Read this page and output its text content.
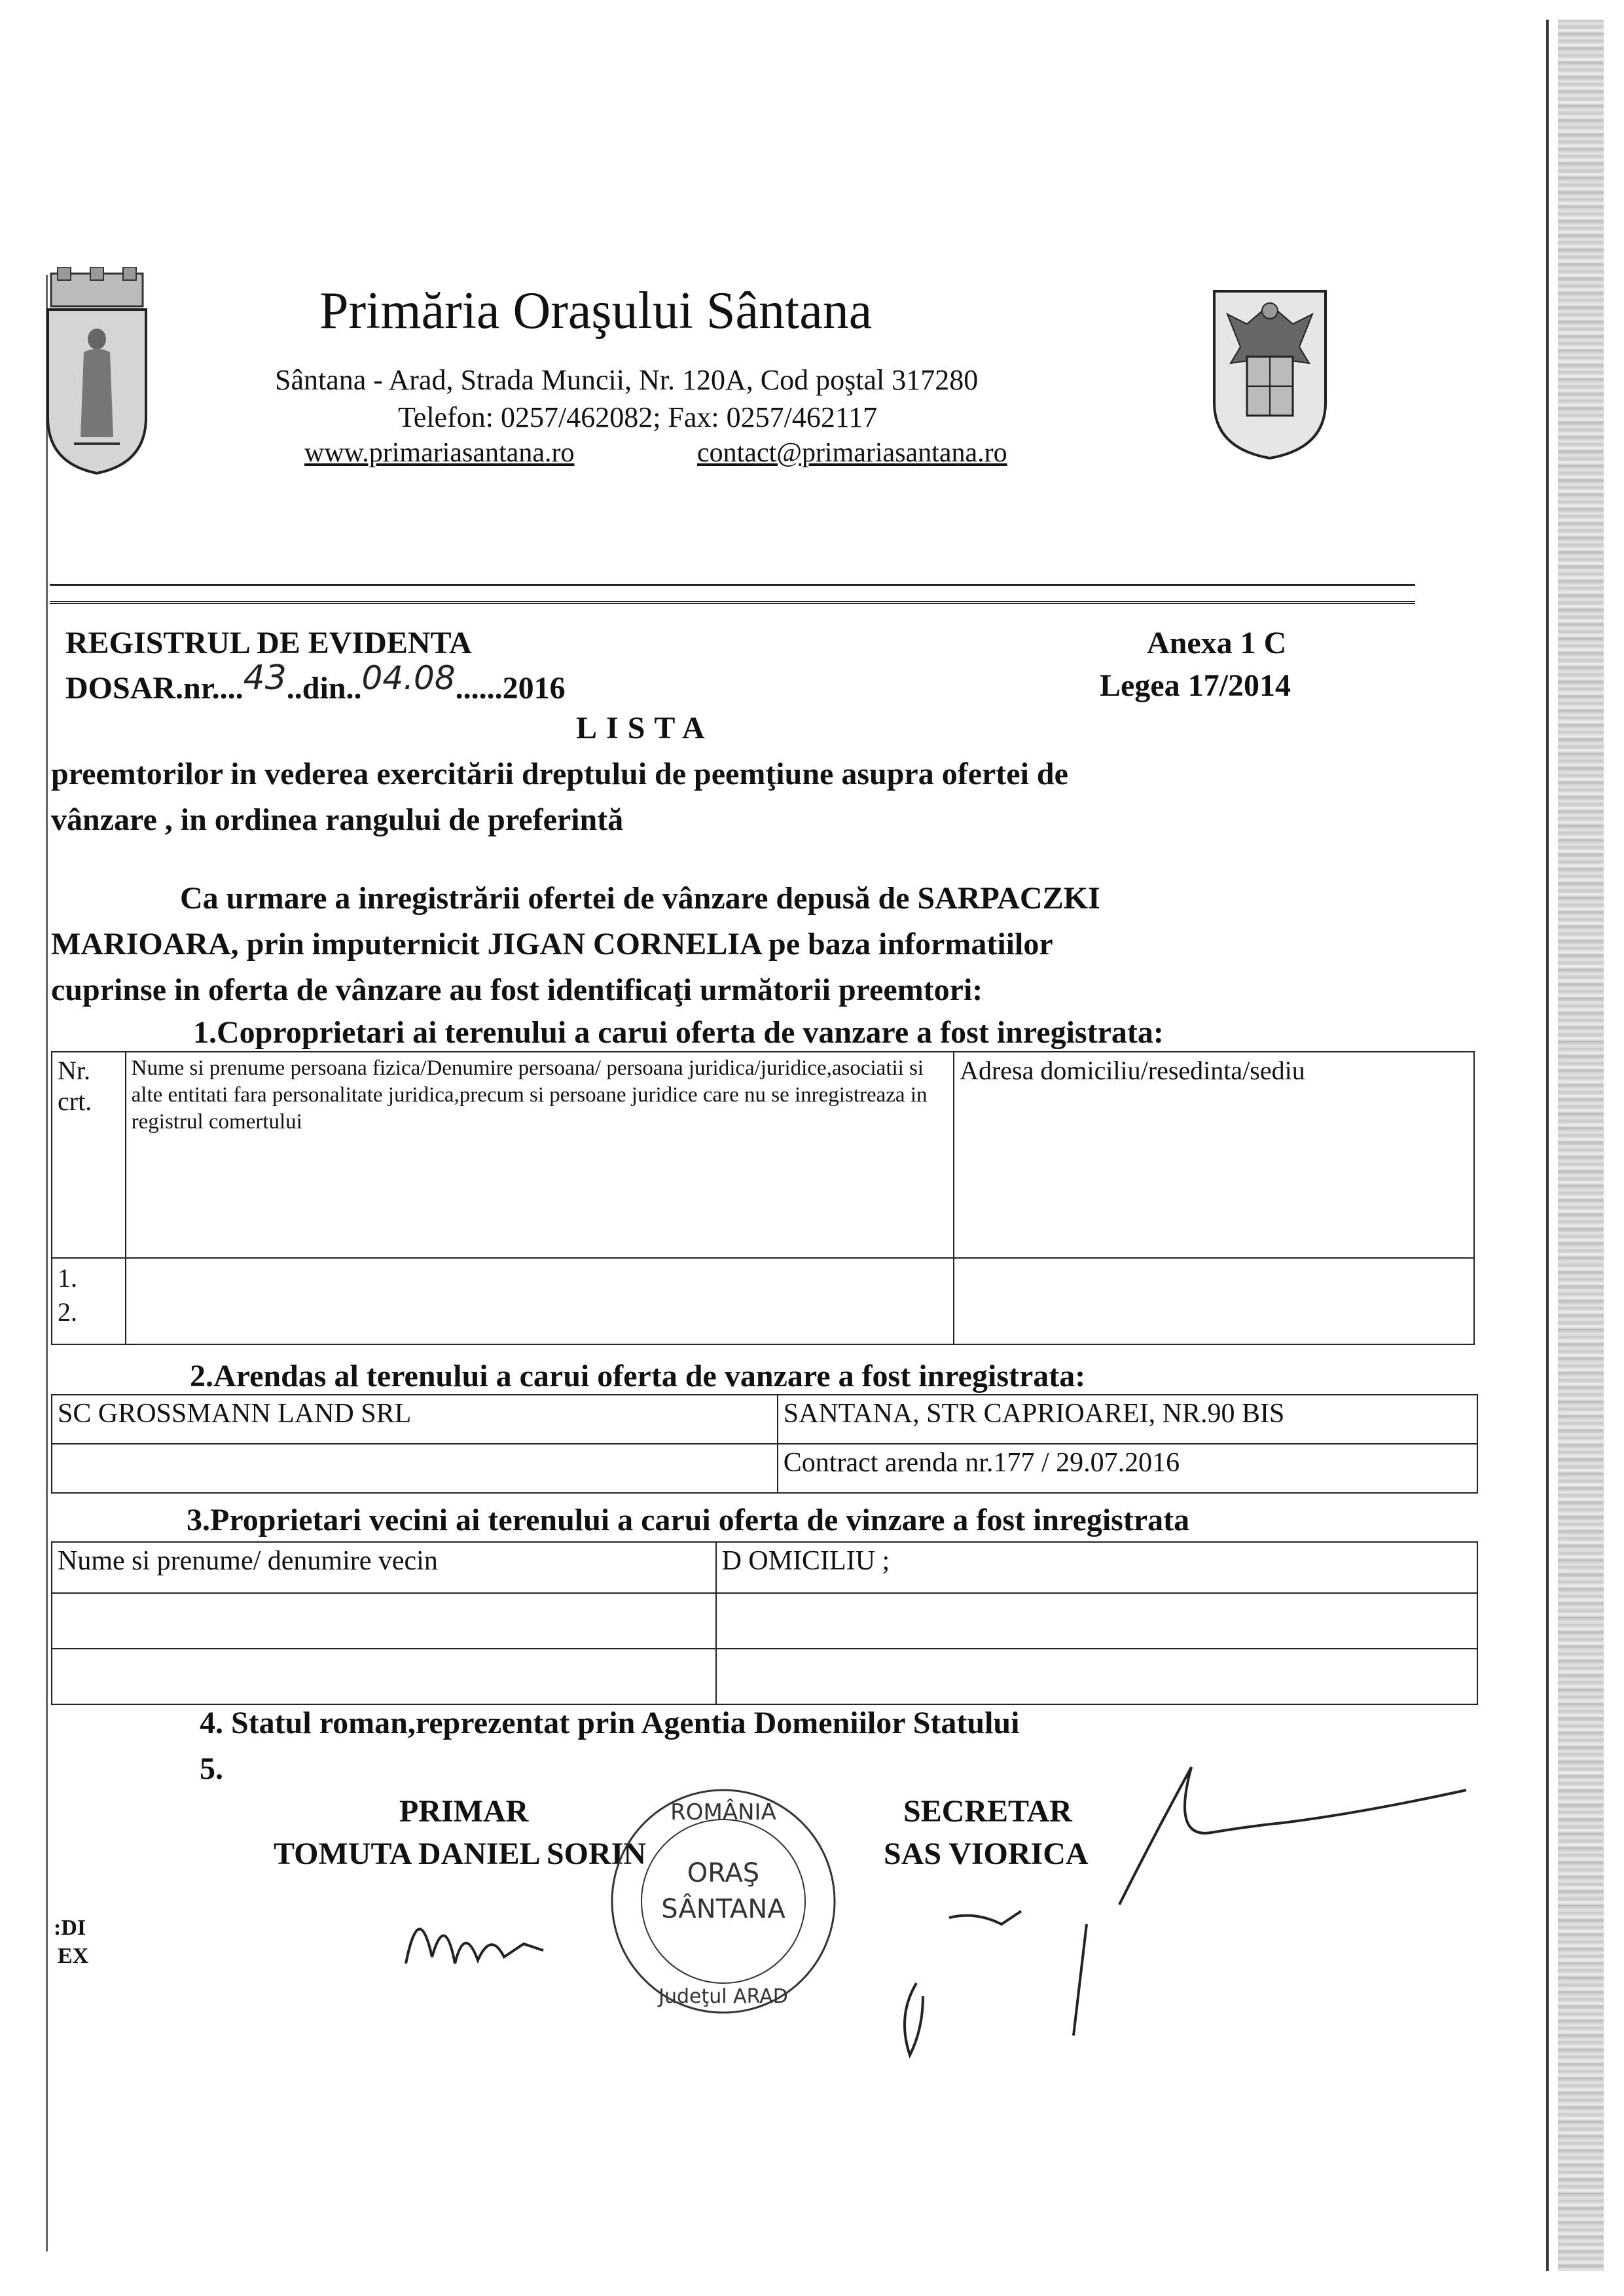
Primăria Oraşului Sântana
Sântana - Arad, Strada Muncii, Nr. 120A, Cod poştal 317280
Telefon: 0257/462082; Fax: 0257/462117
www.primariasantana.ro	contact@primariasantana.ro
REGISTRUL DE EVIDENTA
DOSAR.nr....43..din..04.08......2016
Anexa 1 C
Legea 17/2014
LISTA
preemtorilor in vederea exercitării dreptului de peemţiune asupra ofertei de
vânzare , in ordinea rangului de preferintă
Ca urmare a inregistrării ofertei de vânzare depusă de SARPACZKI
MARIOARA, prin imputernicit JIGAN CORNELIA pe baza informatiilor
cuprinse in oferta de vânzare au fost identificaţi următorii preemtori:
1.Coproprietari ai terenului a carui oferta de vanzare a fost inregistrata:
Nr. crt.	Nume si prenume persoana fizica/Denumire persoana/ persoana juridica/juridice,asociatii si alte entitati fara personalitate juridica,precum si persoane juridice care nu se inregistreaza in registrul comertului	Adresa domiciliu/resedinta/sediu

1.
2.		

2.Arendas al terenului a carui oferta de vanzare a fost inregistrata:
SC GROSSMANN LAND SRL	SANTANA, STR CAPRIOAREI, NR.90 BIS
	Contract arenda nr.177 / 29.07.2016
3.Proprietari vecini ai terenului a carui oferta de vinzare a fost inregistrata
Nume si prenume/ denumire vecin	D OMICILIU ;

4. Statul roman,reprezentat prin Agentia Domeniilor Statului
5.
PRIMAR
TOMUTA DANIEL SORIN
SECRETAR
SAS VIORICA
ROMÂNIA
ORAŞ
SÂNTANA
Judeţul ARAD
:DI
EX
